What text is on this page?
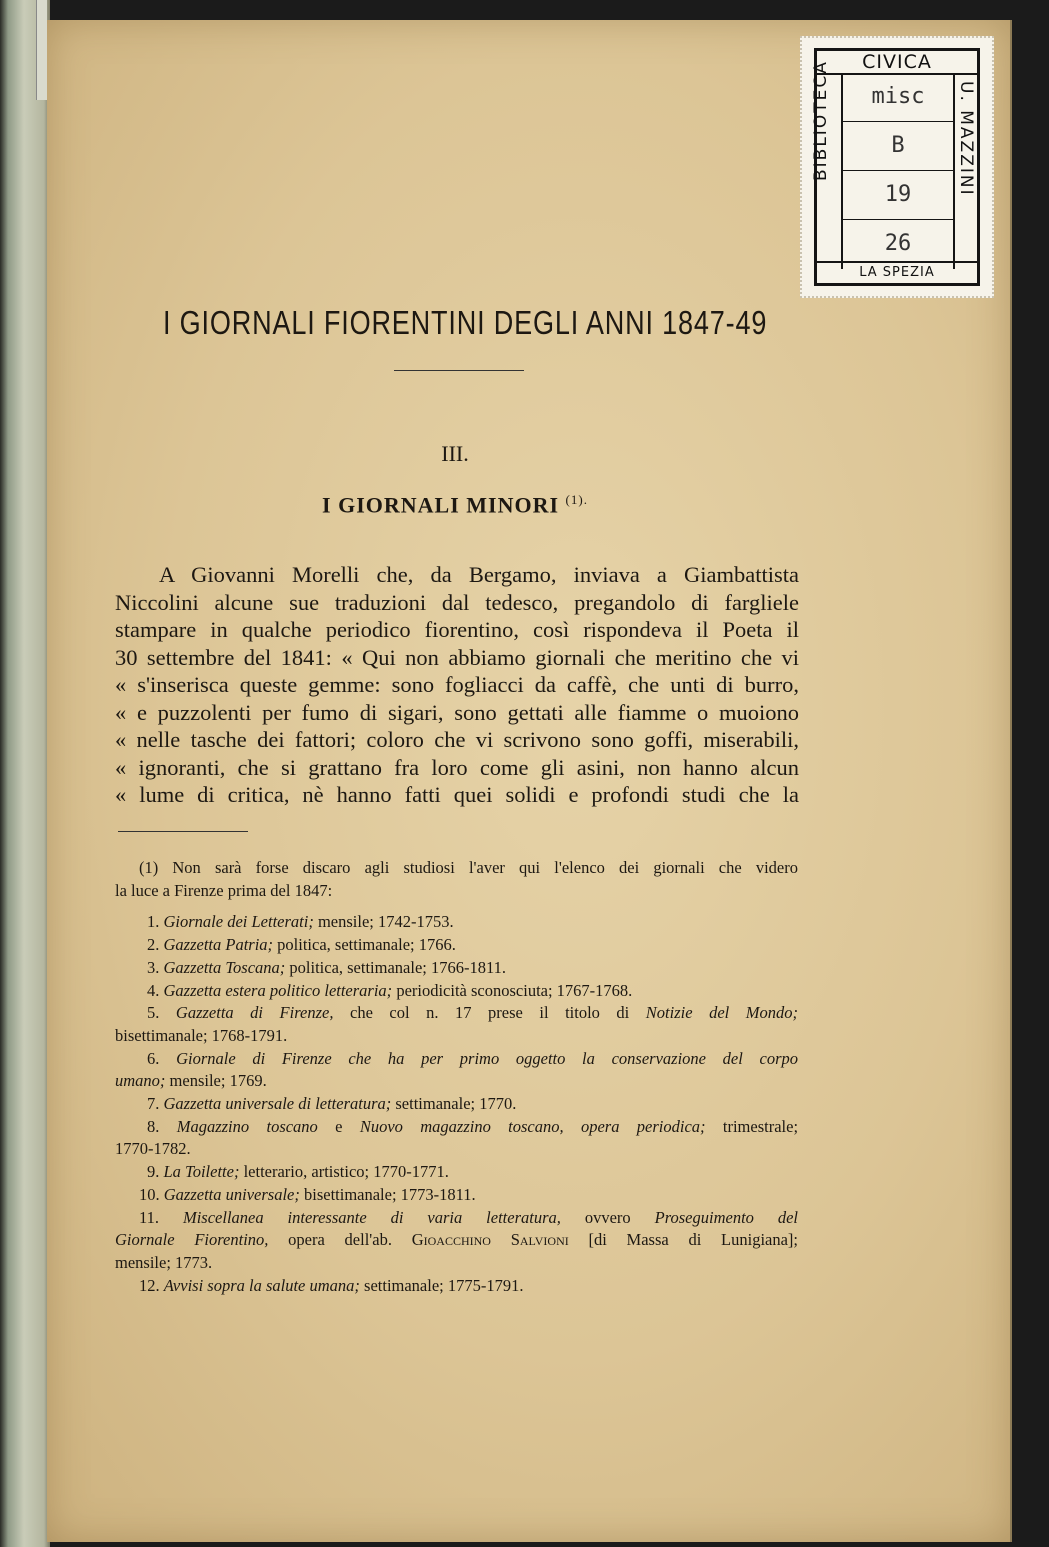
CIVICA
BIBLIOTECA	U. MAZZINI
misc
B
19
26
LA SPEZIA
I GIORNALI FIORENTINI DEGLI ANNI 1847-49
III.
I GIORNALI MINORI $^{(1).}$
A Giovanni Morelli che, da Bergamo, inviava a Giambattista
Niccolini alcune sue traduzioni dal tedesco, pregandolo di fargliele
stampare in qualche periodico fiorentino, così rispondeva il Poeta il
30 settembre del 1841: « Qui non abbiamo giornali che meritino che vi
« s'inserisca queste gemme: sono fogliacci da caffè, che unti di burro,
« e puzzolenti per fumo di sigari, sono gettati alle fiamme o muoiono
« nelle tasche dei fattori; coloro che vi scrivono sono goffi, miserabili,
« ignoranti, che si grattano fra loro come gli asini, non hanno alcun
« lume di critica, nè hanno fatti quei solidi e profondi studi che la
(1) Non sarà forse discaro agli studiosi l'aver qui l'elenco dei giornali che videro
la luce a Firenze prima del 1847:
1. Giornale dei Letterati; mensile; 1742-1753.
2. Gazzetta Patria; politica, settimanale; 1766.
3. Gazzetta Toscana; politica, settimanale; 1766-1811.
4. Gazzetta estera politico letteraria; periodicità sconosciuta; 1767-1768.
5. Gazzetta di Firenze, che col n. 17 prese il titolo di Notizie del Mondo;
bisettimanale; 1768-1791.
6. Giornale di Firenze che ha per primo oggetto la conservazione del corpo
umano; mensile; 1769.
7. Gazzetta universale di letteratura; settimanale; 1770.
8. Magazzino toscano e Nuovo magazzino toscano, opera periodica; trimestrale;
1770-1782.
9. La Toilette; letterario, artistico; 1770-1771.
10. Gazzetta universale; bisettimanale; 1773-1811.
11. Miscellanea interessante di varia letteratura, ovvero Proseguimento del
Giornale Fiorentino, opera dell'ab. Gioacchino Salvioni [di Massa di Lunigiana];
mensile; 1773.
12. Avvisi sopra la salute umana; settimanale; 1775-1791.
